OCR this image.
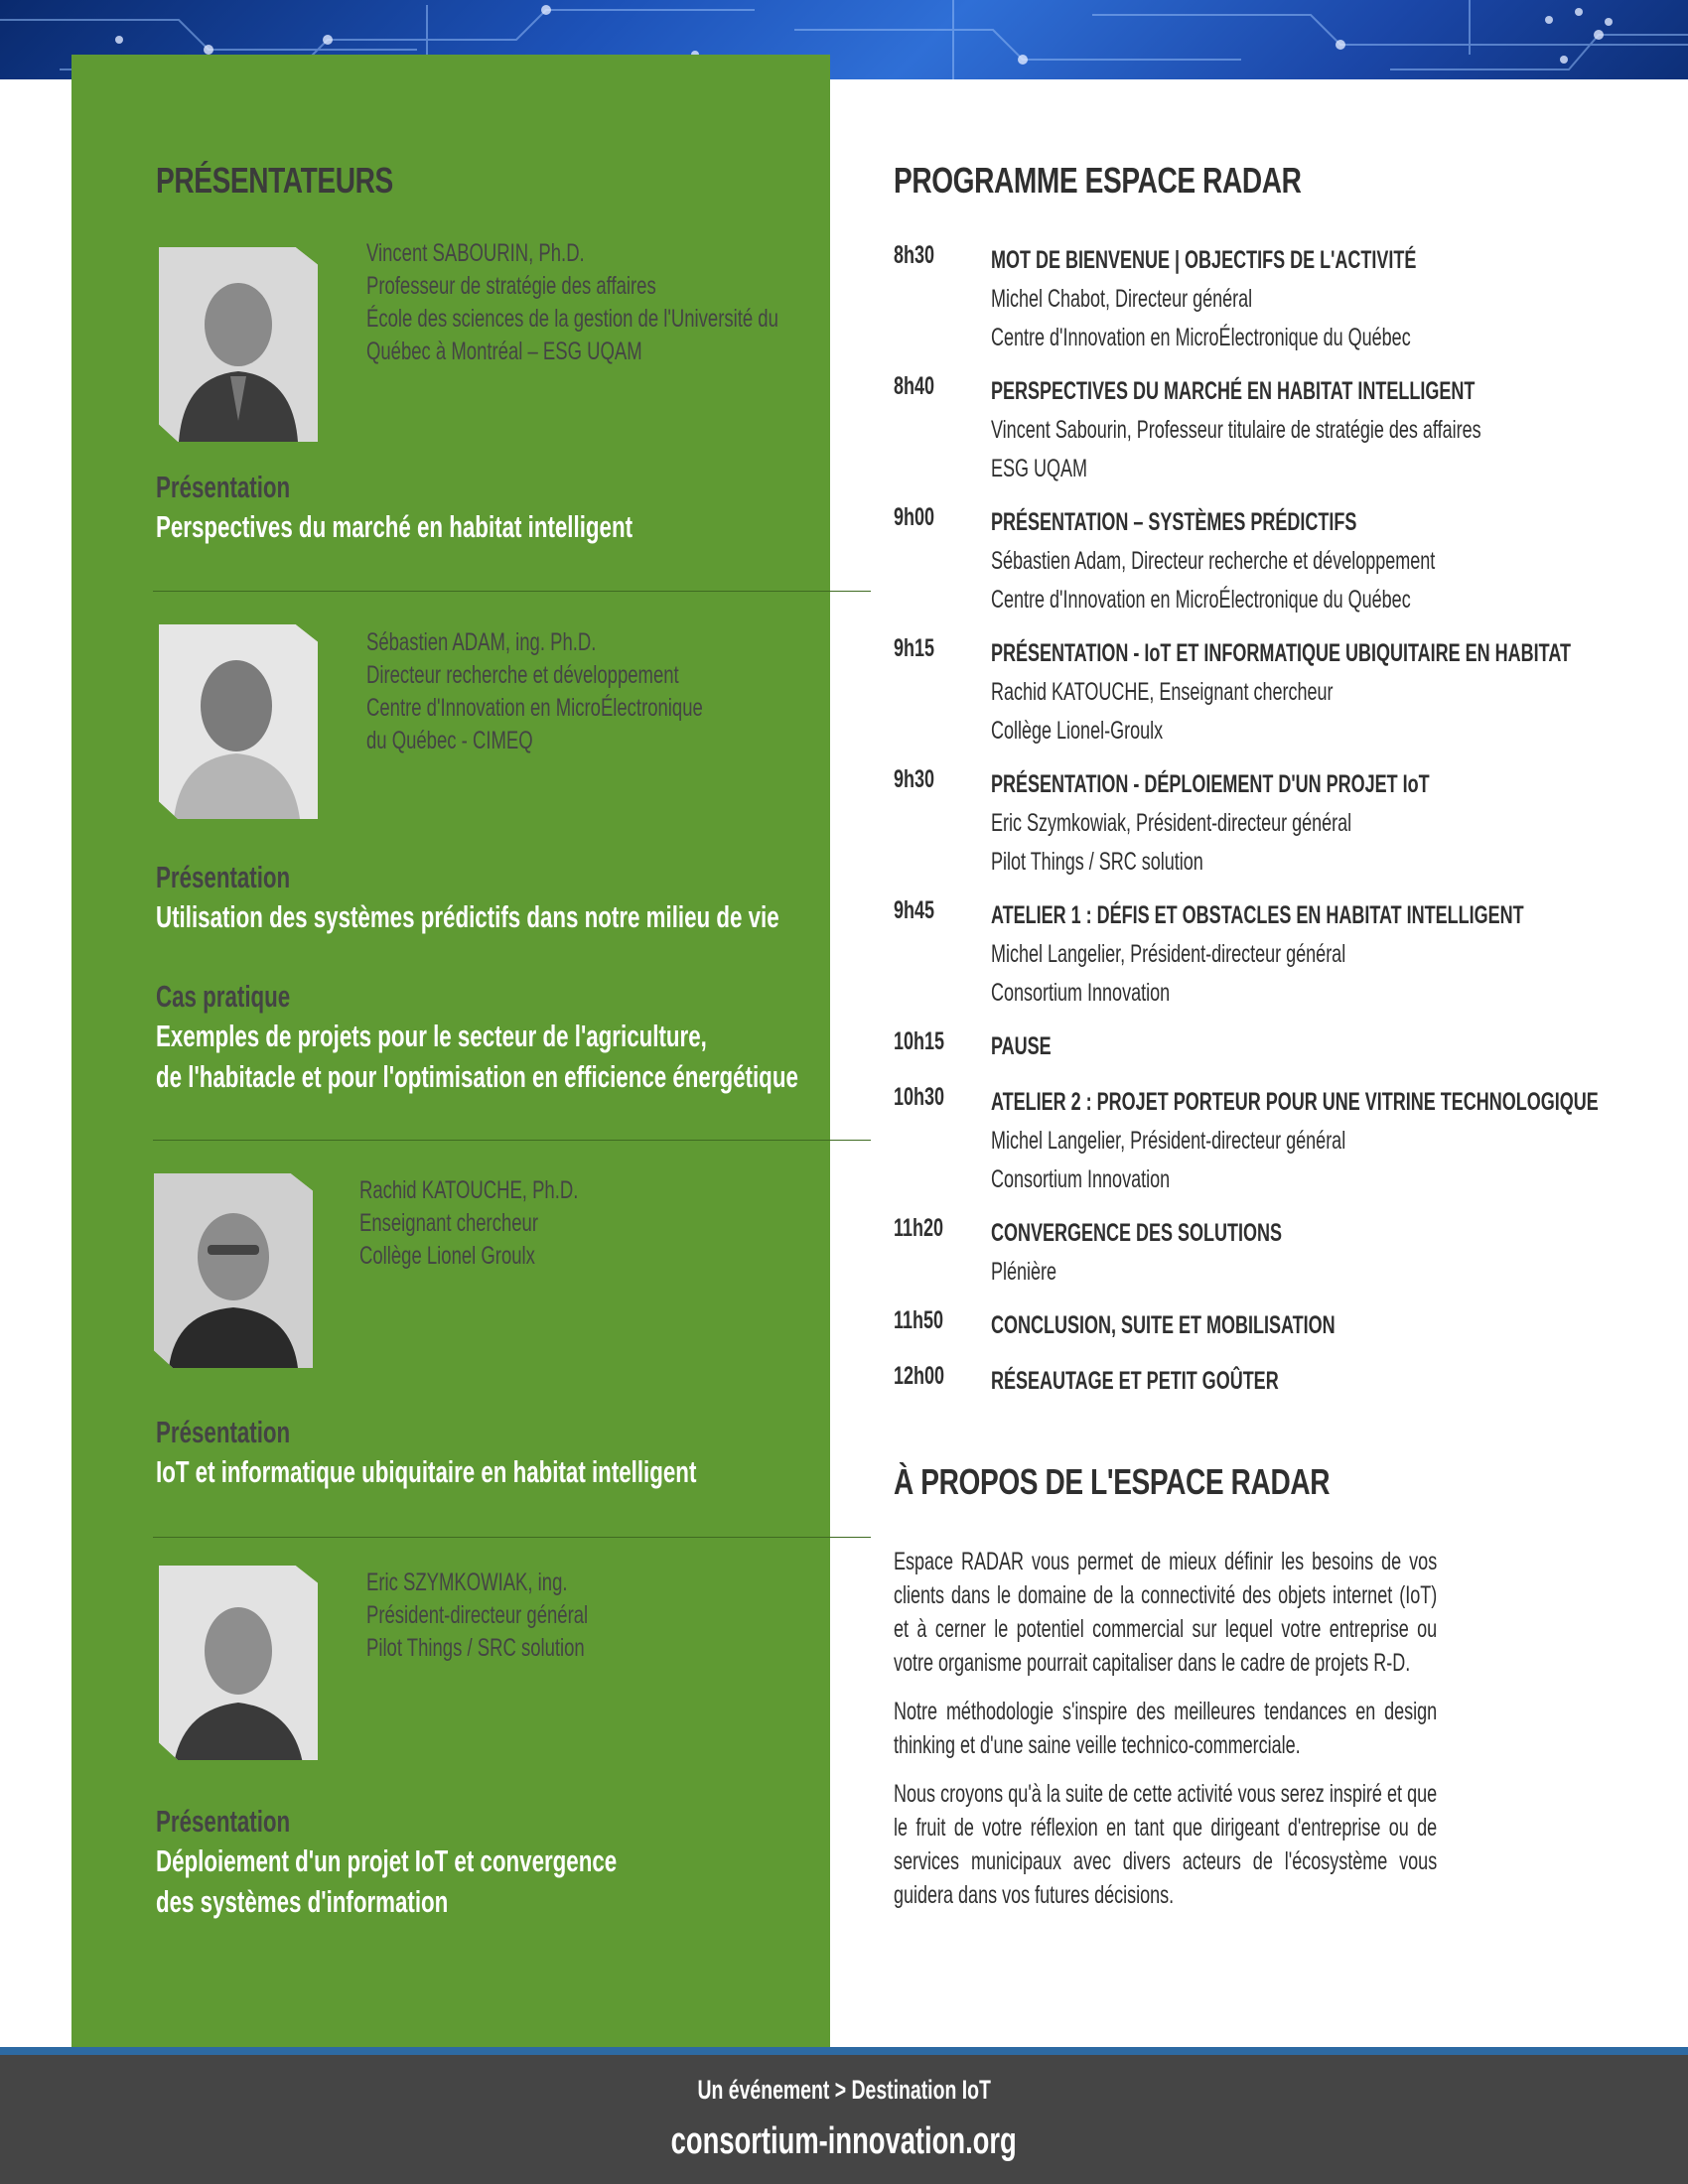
PRÉSENTATEURS
Vincent SABOURIN, Ph.D.
Professeur de stratégie des affaires
École des sciences de la gestion de l'Université du
Québec à Montréal – ESG UQAM
Présentation
Perspectives du marché en habitat intelligent
Sébastien ADAM, ing. Ph.D.
Directeur recherche et développement
Centre d'Innovation en MicroÉlectronique
du Québec - CIMEQ
Présentation
Utilisation des systèmes prédictifs dans notre milieu de vie
Cas pratique
Exemples de projets pour le secteur de l'agriculture,
de l'habitacle et pour l'optimisation en efficience énergétique
Rachid KATOUCHE, Ph.D.
Enseignant chercheur
Collège Lionel Groulx
Présentation
IoT et informatique ubiquitaire en habitat intelligent
Eric SZYMKOWIAK, ing.
Président-directeur général
Pilot Things / SRC solution
Présentation
Déploiement d'un projet IoT et convergence
des systèmes d'information
PROGRAMME ESPACE RADAR
8h30 MOT DE BIENVENUE | OBJECTIFS DE L'ACTIVITÉ
Michel Chabot, Directeur général
Centre d'Innovation en MicroÉlectronique du Québec
8h40 PERSPECTIVES DU MARCHÉ EN HABITAT INTELLIGENT
Vincent Sabourin, Professeur titulaire de stratégie des affaires
ESG UQAM
9h00 PRÉSENTATION – SYSTÈMES PRÉDICTIFS
Sébastien Adam, Directeur recherche et développement
Centre d'Innovation en MicroÉlectronique du Québec
9h15 PRÉSENTATION - IoT ET INFORMATIQUE UBIQUITAIRE EN HABITAT
Rachid KATOUCHE, Enseignant chercheur
Collège Lionel-Groulx
9h30 PRÉSENTATION - DÉPLOIEMENT D'UN PROJET IoT
Eric Szymkowiak, Président-directeur général
Pilot Things / SRC solution
9h45 ATELIER 1 : DÉFIS ET OBSTACLES EN HABITAT INTELLIGENT
Michel Langelier, Président-directeur général
Consortium Innovation
10h15 PAUSE
10h30 ATELIER 2 : PROJET PORTEUR POUR UNE VITRINE TECHNOLOGIQUE
Michel Langelier, Président-directeur général
Consortium Innovation
11h20 CONVERGENCE DES SOLUTIONS
Plénière
11h50 CONCLUSION, SUITE ET MOBILISATION
12h00 RÉSEAUTAGE ET PETIT GOÛTER
À PROPOS DE L'ESPACE RADAR
Espace RADAR vous permet de mieux définir les besoins de vos clients dans le domaine de la connectivité des objets internet (IoT) et à cerner le potentiel commercial sur lequel votre entreprise ou votre organisme pourrait capitaliser dans le cadre de projets R-D.
Notre méthodologie s'inspire des meilleures tendances en design thinking et d'une saine veille technico-commerciale.
Nous croyons qu'à la suite de cette activité vous serez inspiré et que le fruit de votre réflexion en tant que dirigeant d'entreprise ou de services municipaux avec divers acteurs de l'écosystème vous guidera dans vos futures décisions.
Un événement > Destination IoT
consortium-innovation.org
